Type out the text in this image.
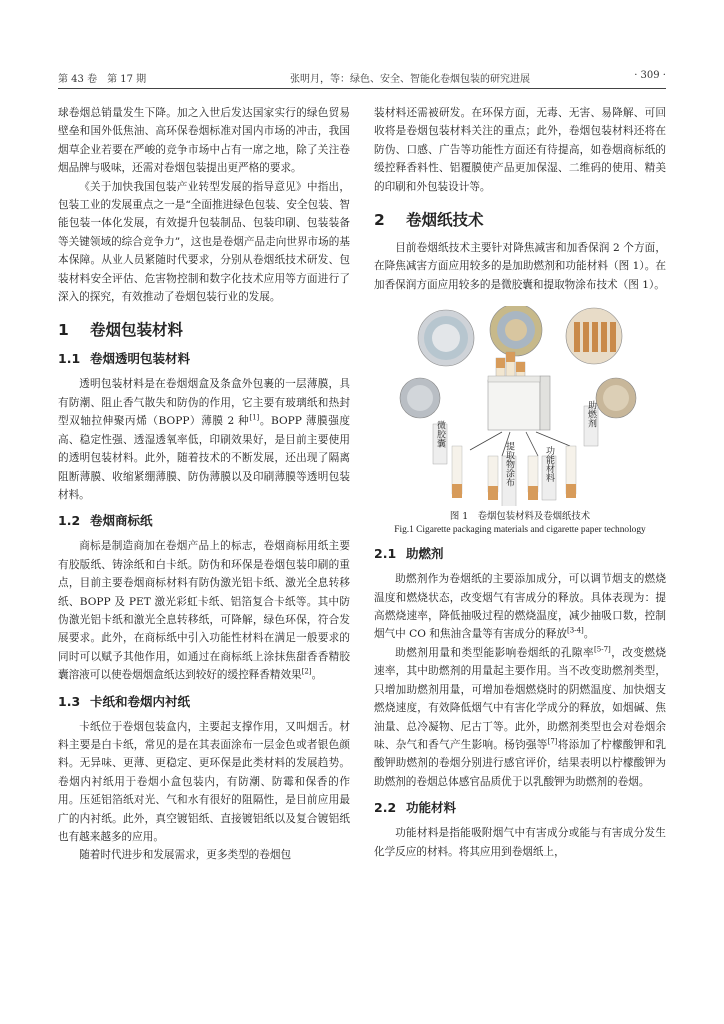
第 43 卷　第 17 期	张明月，等：绿色、安全、智能化卷烟包装的研究进展	· 309 ·

球卷烟总销量发生下降。加之入世后发达国家实行的绿色贸易壁垒和国外低焦油、高环保卷烟标准对国内市场的冲击，我国烟草企业若要在严峻的竞争市场中占有一席之地，除了关注卷烟品牌与吸味，还需对卷烟包装提出更严格的要求。

《关于加快我国包装产业转型发展的指导意见》中指出，包装工业的发展重点之一是“全面推进绿色包装、安全包装、智能包装一体化发展，有效提升包装制品、包装印刷、包装装备等关键领域的综合竞争力”，这也是卷烟产品走向世界市场的基本保障。从业人员紧随时代要求，分别从卷烟纸技术研发、包装材料安全评估、危害物控制和数字化技术应用等方面进行了深入的探究，有效推动了卷烟包装行业的发展。

1 卷烟包装材料
1.1 卷烟透明包装材料

透明包装材料是在卷烟烟盒及条盒外包裹的一层薄膜，具有防潮、阻止香气散失和防伪的作用，它主要有玻璃纸和热封型双轴拉伸聚丙烯（BOPP）薄膜 2 种[1]。BOPP 薄膜强度高、稳定性强、透湿透氧率低，印刷效果好，是目前主要使用的透明包装材料。此外，随着技术的不断发展，还出现了隔离阻断薄膜、收缩紧绷薄膜、防伪薄膜以及印刷薄膜等透明包装材料。

1.2 卷烟商标纸

商标是制造商加在卷烟产品上的标志，卷烟商标用纸主要有胶版纸、铸涂纸和白卡纸。防伪和环保是卷烟包装印刷的重点，目前主要卷烟商标材料有防伪激光铝卡纸、激光全息转移纸、BOPP 及 PET 激光彩虹卡纸、铝箔复合卡纸等。其中防伪激光铝卡纸和激光全息转移纸，可降解，绿色环保，符合发展要求。此外，在商标纸中引入功能性材料在满足一般要求的同时可以赋予其他作用，如通过在商标纸上涂抹焦甜香香精胶囊溶液可以使卷烟烟盒纸达到较好的缓控释香精效果[2]。

1.3 卡纸和卷烟内衬纸

卡纸位于卷烟包装盒内，主要起支撑作用，又叫烟舌。材料主要是白卡纸，常见的是在其表面涂布一层金色或者银色颜料。无异味、更薄、更稳定、更环保是此类材料的发展趋势。卷烟内衬纸用于卷烟小盒包装内，有防潮、防霉和保香的作用。压延铝箔纸对光、气和水有很好的阻隔性，是目前应用最广的内衬纸。此外，真空镀铝纸、直接镀铝纸以及复合镀铝纸也有越来越多的应用。

随着时代进步和发展需求，更多类型的卷烟包

装材料还需被研发。在环保方面，无毒、无害、易降解、可回收将是卷烟包装材料关注的重点；此外，卷烟包装材料还将在防伪、口感、广告等功能性方面还有待提高，如卷烟商标纸的缓控释香料性、铝覆膜使产品更加保湿、二维码的使用、精美的印刷和外包装设计等。

2 卷烟纸技术

目前卷烟纸技术主要针对降焦减害和加香保润 2 个方面，在降焦减害方面应用较多的是加助燃剂和功能材料（图 1）。在加香保润方面应用较多的是微胶囊和提取物涂布技术（图 1）。

微胶囊
提取物涂布	功能材料
助燃剂
图 1　卷烟包装材料及卷烟纸技术
Fig.1 Cigarette packaging materials and cigarette paper technology
2.1 助燃剂

助燃剂作为卷烟纸的主要添加成分，可以调节烟支的燃烧温度和燃烧状态，改变烟气有害成分的释放。具体表现为：提高燃烧速率，降低抽吸过程的燃烧温度，减少抽吸口数，控制烟气中 CO 和焦油含量等有害成分的释放[3-4]。

助燃剂用量和类型能影响卷烟纸的孔隙率[5-7]，改变燃烧速率，其中助燃剂的用量起主要作用。当不改变助燃剂类型，只增加助燃剂用量，可增加卷烟燃烧时的阴燃温度、加快烟支燃烧速度，有效降低烟气中有害化学成分的释放，如烟碱、焦油量、总冷凝物、尼古丁等。此外，助燃剂类型也会对卷烟余味、杂气和香气产生影响。杨钧强等[7]将添加了柠檬酸钾和乳酸钾助燃剂的卷烟分别进行感官评价，结果表明以柠檬酸钾为助燃剂的卷烟总体感官品质优于以乳酸钾为助燃剂的卷烟。

2.2 功能材料

功能材料是指能吸附烟气中有害成分或能与有害成分发生化学反应的材料。将其应用到卷烟纸上，
